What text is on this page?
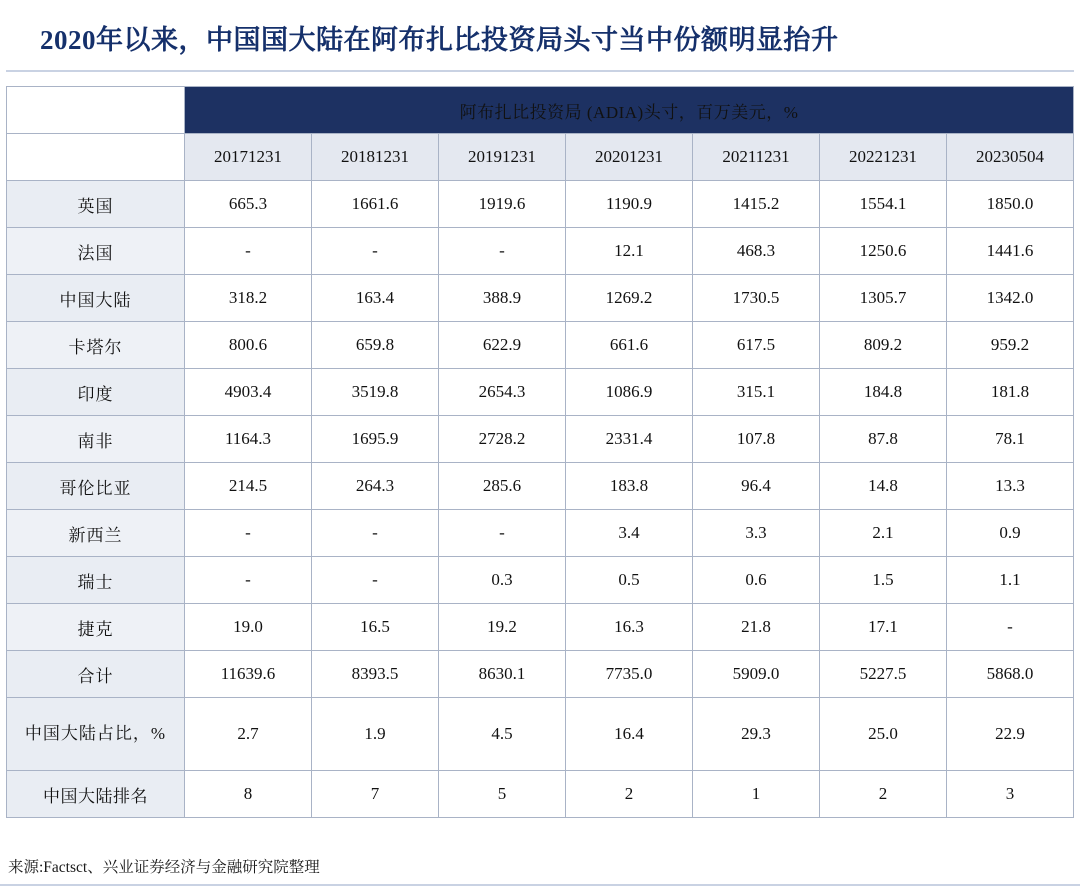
2020年以来，中国国大陆在阿布扎比投资局头寸当中份额明显抬升
	阿布扎比投资局 (ADIA)头寸，百万美元，%						
	20171231	20181231	20191231	20201231	20211231	20221231	20230504
英国	665.3	1661.6	1919.6	1190.9	1415.2	1554.1	1850.0
法国	-	-	-	12.1	468.3	1250.6	1441.6
中国大陆	318.2	163.4	388.9	1269.2	1730.5	1305.7	1342.0
卡塔尔	800.6	659.8	622.9	661.6	617.5	809.2	959.2
印度	4903.4	3519.8	2654.3	1086.9	315.1	184.8	181.8
南非	1164.3	1695.9	2728.2	2331.4	107.8	87.8	78.1
哥伦比亚	214.5	264.3	285.6	183.8	96.4	14.8	13.3
新西兰	-	-	-	3.4	3.3	2.1	0.9
瑞士	-	-	0.3	0.5	0.6	1.5	1.1
捷克	19.0	16.5	19.2	16.3	21.8	17.1	-
合计	11639.6	8393.5	8630.1	7735.0	5909.0	5227.5	5868.0
中国大陆占比，%	2.7	1.9	4.5	16.4	29.3	25.0	22.9
中国大陆排名	8	7	5	2	1	2	3
来源:Factsct、兴业证券经济与金融研究院整理
